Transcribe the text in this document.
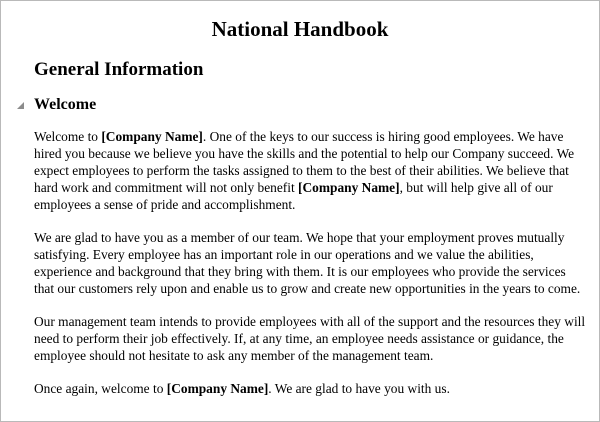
National Handbook
General Information
Welcome

Welcome to [Company Name]. One of the keys to our success is hiring good employees. We have hired you because we believe you have the skills and the potential to help our Company succeed. We expect employees to perform the tasks assigned to them to the best of their abilities. We believe that hard work and commitment will not only benefit [Company Name], but will help give all of our employees a sense of pride and accomplishment.

We are glad to have you as a member of our team. We hope that your employment proves mutually satisfying. Every employee has an important role in our operations and we value the abilities, experience and background that they bring with them. It is our employees who provide the services that our customers rely upon and enable us to grow and create new opportunities in the years to come.

Our management team intends to provide employees with all of the support and the resources they will need to perform their job effectively. If, at any time, an employee needs assistance or guidance, the employee should not hesitate to ask any member of the management team.

Once again, welcome to [Company Name]. We are glad to have you with us.
